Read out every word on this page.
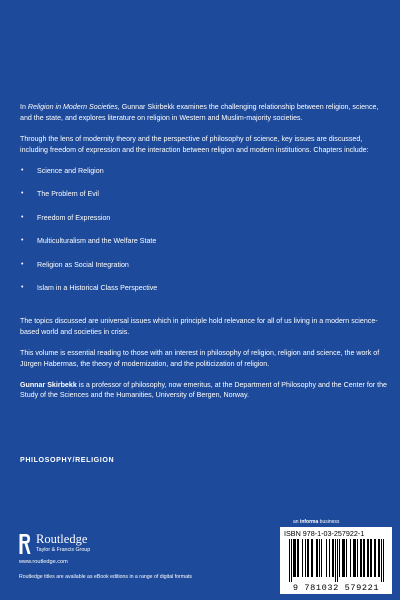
In Religion in Modern Societies, Gunnar Skirbekk examines the challenging relationship between religion, science, and the state, and explores literature on religion in Western and Muslim-majority societies.

Through the lens of modernity theory and the perspective of philosophy of science, key issues are discussed, including freedom of expression and the interaction between religion and modern institutions. Chapters include:

• Science and Religion
• The Problem of Evil
• Freedom of Expression
• Multiculturalism and the Welfare State
• Religion as Social Integration
• Islam in a Historical Class Perspective

The topics discussed are universal issues which in principle hold relevance for all of us living in a modern science-based world and societies in crisis.

This volume is essential reading to those with an interest in philosophy of religion, religion and science, the work of Jürgen Habermas, the theory of modernization, and the politicization of religion.

Gunnar Skirbekk is a professor of philosophy, now emeritus, at the Department of Philosophy and the Center for the Study of the Sciences and the Humanities, University of Bergen, Norway.

PHILOSOPHY/RELIGION
Routledge
Taylor & Francis Group
www.routledge.com
Routledge titles are available as eBook editions in a range of digital formats
an informa business
ISBN 978-1-03-257922-1
9 781032 579221
